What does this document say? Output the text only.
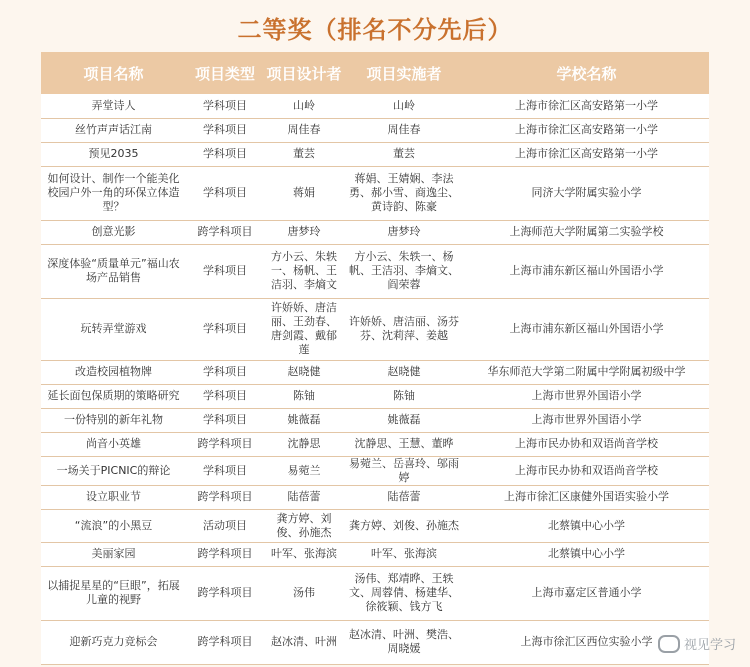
二等奖（排名不分先后）
项目名称	项目类型	项目设计者	项目实施者	学校名称
弄堂诗人	学科项目	山岭	山岭	上海市徐汇区高安路第一小学
丝竹声声话江南	学科项目	周佳春	周佳春	上海市徐汇区高安路第一小学
预见2035	学科项目	董芸	董芸	上海市徐汇区高安路第一小学
如何设计、制作一个能美化校园户外一角的环保立体造型？	学科项目	蒋娟	蒋娟、王婧娴、李法勇、郝小雪、商逸尘、黄诗韵、陈豪	同济大学附属实验小学
创意光影	跨学科项目	唐梦玲	唐梦玲	上海师范大学附属第二实验学校
深度体验“质量单元”福山农场产品销售	学科项目	方小云、朱轶一、杨帆、王洁羽、李熵文	方小云、朱轶一、杨帆、王洁羽、李熵文、阎荣蓉	上海市浦东新区福山外国语小学
玩转弄堂游戏	学科项目	许娇娇、唐洁丽、王劲春、唐剑霞、戴郁莲	许娇娇、唐洁丽、汤芬芬、沈莉萍、姜越	上海市浦东新区福山外国语小学
改造校园植物牌	学科项目	赵晓健	赵晓健	华东师范大学第二附属中学附属初级中学
延长面包保质期的策略研究	学科项目	陈铀	陈铀	上海市世界外国语小学
一份特别的新年礼物	学科项目	姚薇磊	姚薇磊	上海市世界外国语小学
尚音小英雄	跨学科项目	沈静思	沈静思、王慧、董晔	上海市民办协和双语尚音学校
一场关于PICNIC的辩论	学科项目	易菀兰	易菀兰、岳喜玲、邬雨婷	上海市民办协和双语尚音学校
设立职业节	跨学科项目	陆蓓蕾	陆蓓蕾	上海市徐汇区康健外国语实验小学
“流浪”的小黑豆	活动项目	龚方婷、刘俊、孙施杰	龚方婷、刘俊、孙施杰	北蔡镇中心小学
美丽家园	跨学科项目	叶军、张海滨	叶军、张海滨	北蔡镇中心小学
以捕捉星星的“巨眼”，拓展儿童的视野	跨学科项目	汤伟	汤伟、郑靖晔、王轶文、周蓉倩、杨建华、徐筱颖、钱方飞	上海市嘉定区普通小学
迎新巧克力竞标会	跨学科项目	赵冰清、叶洲	赵冰清、叶洲、樊浩、周晓媛	上海市徐汇区西位实验小学 视见学习
